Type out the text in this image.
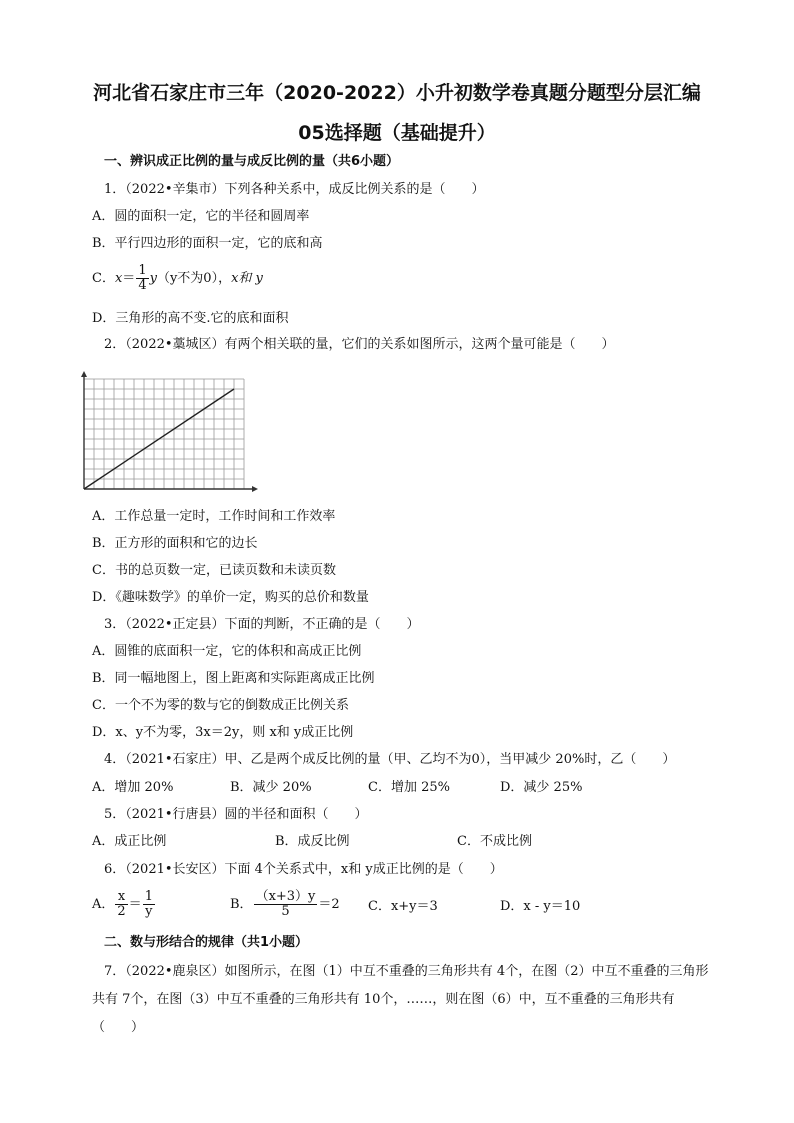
河北省石家庄市三年（2020-2022）小升初数学卷真题分题型分层汇编
05选择题（基础提升）
一、辨识成正比例的量与成反比例的量（共6小题）
1．（2022•辛集市）下列各种关系中，成反比例关系的是（　　）
A．圆的面积一定，它的半径和圆周率
B．平行四边形的面积一定，它的底和高
C．$x= \frac{1}{4} y(y$不为0），x和 y
D．三角形的高不变.它的底和面积
2．（2022•藁城区）有两个相关联的量，它们的关系如图所示，这两个量可能是（　　）
A．工作总量一定时，工作时间和工作效率
B．正方形的面积和它的边长
C．书的总页数一定，已读页数和未读页数
D．《趣味数学》的单价一定，购买的总价和数量
3．（2022•正定县）下面的判断，不正确的是（　　）
A．圆锥的底面积一定，它的体积和高成正比例
B．同一幅地图上，图上距离和实际距离成正比例
C．一个不为零的数与它的倒数成正比例关系
D．x、y不为零，3x＝2y，则 x和 y成正比例
4．（2021•石家庄）甲、乙是两个成反比例的量（甲、乙均不为0），当甲减少 20%时，乙（　　）
A．增加 20%	B．减少 20%	C．增加 25%	D．减少 25%
5．（2021•行唐县）圆的半径和面积（　　）
A．成正比例	B．成反比例	C．不成比例
6．（2021•长安区）下面 4个关系式中，x和 y成正比例的是（　　）
A． $\frac{x}{2} = \frac{1}{y}$	B． $\frac{(x+3)y}{5} =2$ C．x+y＝3	D．x - y＝10
二、数与形结合的规律（共1小题）
7．（2022•鹿泉区）如图所示，在图（1）中互不重叠的三角形共有 4个，在图（2）中互不重叠的三角形共有 7个，在图（3）中互不重叠的三角形共有 10个，……，则在图（6）中，互不重叠的三角形共有（　　）
